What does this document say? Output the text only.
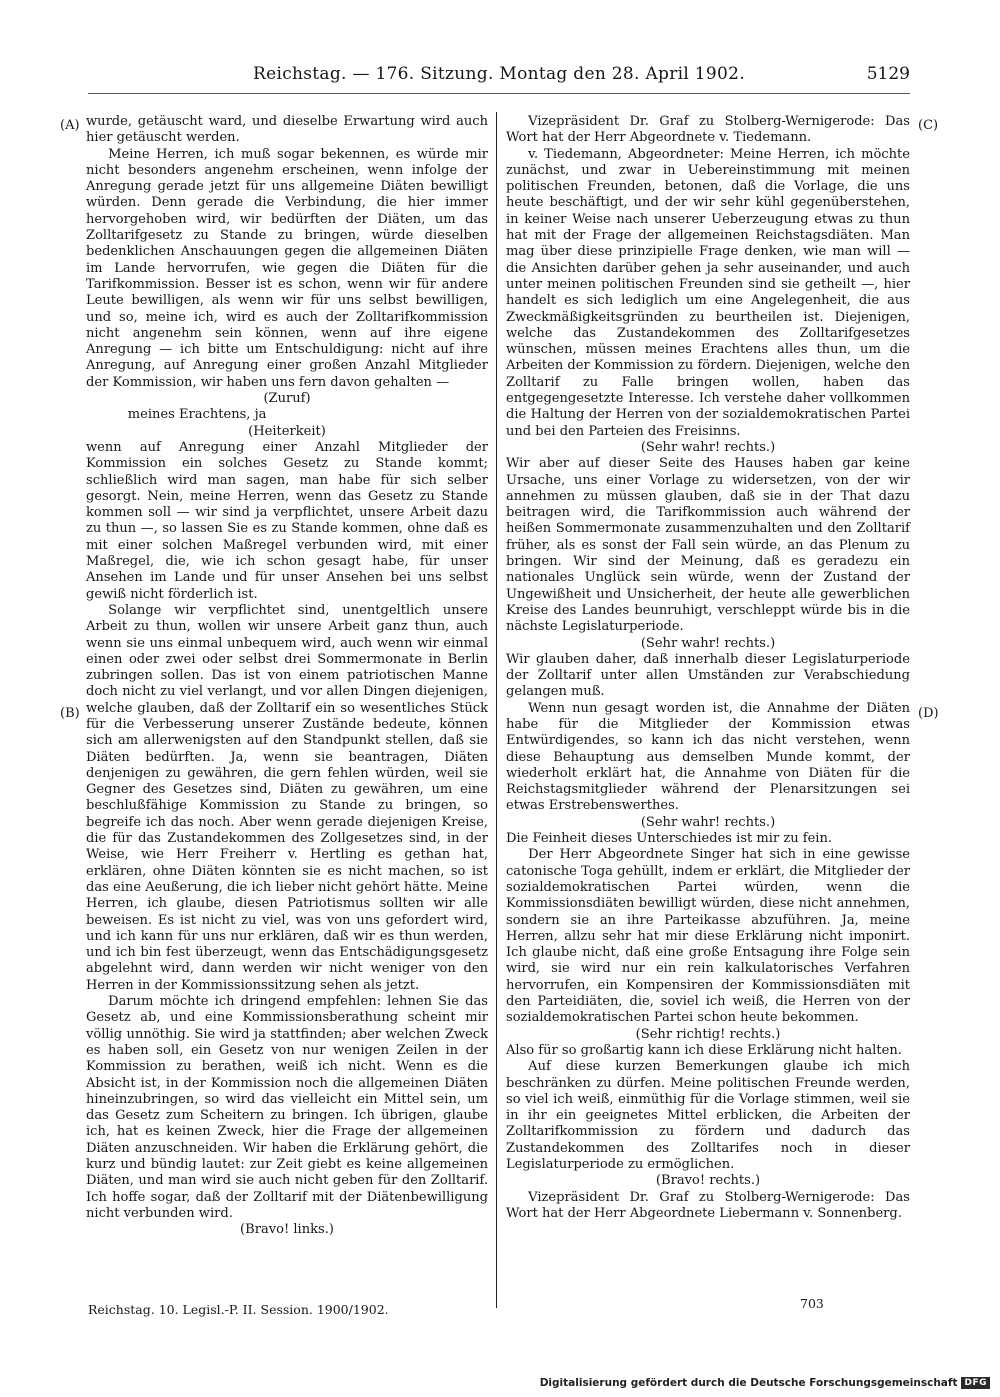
Reichstag. — 176. Sitzung. Montag den 28. April 1902.	5129
(A)
(B)
(C)
(D)

wurde, getäuscht ward, und dieselbe Erwartung wird auch hier getäuscht werden.

Meine Herren, ich muß sogar bekennen, es würde mir nicht besonders angenehm erscheinen, wenn infolge der Anregung gerade jetzt für uns allgemeine Diäten bewilligt würden. Denn gerade die Verbindung, die hier immer hervorgehoben wird, wir bedürften der Diäten, um das Zolltarifgesetz zu Stande zu bringen, würde dieselben bedenklichen Anschauungen gegen die allgemeinen Diäten im Lande hervorrufen, wie gegen die Diäten für die Tarifkommission. Besser ist es schon, wenn wir für andere Leute bewilligen, als wenn wir für uns selbst bewilligen, und so, meine ich, wird es auch der Zolltarifkommission nicht angenehm sein können, wenn auf ihre eigene Anregung — ich bitte um Entschuldigung: nicht auf ihre Anregung, auf Anregung einer großen Anzahl Mitglieder der Kommission, wir haben uns fern davon gehalten —

(Zuruf)

meines Erachtens, ja

(Heiterkeit)

wenn auf Anregung einer Anzahl Mitglieder der Kommission ein solches Gesetz zu Stande kommt; schließlich wird man sagen, man habe für sich selber gesorgt. Nein, meine Herren, wenn das Gesetz zu Stande kommen soll — wir sind ja verpflichtet, unsere Arbeit dazu zu thun —, so lassen Sie es zu Stande kommen, ohne daß es mit einer solchen Maßregel verbunden wird, mit einer Maßregel, die, wie ich schon gesagt habe, für unser Ansehen im Lande und für unser Ansehen bei uns selbst gewiß nicht förderlich ist.

Solange wir verpflichtet sind, unentgeltlich unsere Arbeit zu thun, wollen wir unsere Arbeit ganz thun, auch wenn sie uns einmal unbequem wird, auch wenn wir einmal einen oder zwei oder selbst drei Sommermonate in Berlin zubringen sollen. Das ist von einem patriotischen Manne doch nicht zu viel verlangt, und vor allen Dingen diejenigen, welche glauben, daß der Zolltarif ein so wesentliches Stück für die Verbesserung unserer Zustände bedeute, können sich am allerwenigsten auf den Standpunkt stellen, daß sie Diäten bedürften. Ja, wenn sie beantragen, Diäten denjenigen zu gewähren, die gern fehlen würden, weil sie Gegner des Gesetzes sind, Diäten zu gewähren, um eine beschlußfähige Kommission zu Stande zu bringen, so begreife ich das noch. Aber wenn gerade diejenigen Kreise, die für das Zustandekommen des Zollgesetzes sind, in der Weise, wie Herr Freiherr v. Hertling es gethan hat, erklären, ohne Diäten könnten sie es nicht machen, so ist das eine Aeußerung, die ich lieber nicht gehört hätte. Meine Herren, ich glaube, diesen Patriotismus sollten wir alle beweisen. Es ist nicht zu viel, was von uns gefordert wird, und ich kann für uns nur erklären, daß wir es thun werden, und ich bin fest überzeugt, wenn das Entschädigungsgesetz abgelehnt wird, dann werden wir nicht weniger von den Herren in der Kommissionssitzung sehen als jetzt.

Darum möchte ich dringend empfehlen: lehnen Sie das Gesetz ab, und eine Kommissionsberathung scheint mir völlig unnöthig. Sie wird ja stattfinden; aber welchen Zweck es haben soll, ein Gesetz von nur wenigen Zeilen in der Kommission zu berathen, weiß ich nicht. Wenn es die Absicht ist, in der Kommission noch die allgemeinen Diäten hineinzubringen, so wird das vielleicht ein Mittel sein, um das Gesetz zum Scheitern zu bringen. Ich übrigen, glaube ich, hat es keinen Zweck, hier die Frage der allgemeinen Diäten anzuschneiden. Wir haben die Erklärung gehört, die kurz und bündig lautet: zur Zeit giebt es keine allgemeinen Diäten, und man wird sie auch nicht geben für den Zolltarif. Ich hoffe sogar, daß der Zolltarif mit der Diätenbewilligung nicht verbunden wird.

(Bravo! links.)

Vizepräsident Dr. Graf zu Stolberg-Wernigerode: Das Wort hat der Herr Abgeordnete v. Tiedemann.

v. Tiedemann, Abgeordneter: Meine Herren, ich möchte zunächst, und zwar in Uebereinstimmung mit meinen politischen Freunden, betonen, daß die Vorlage, die uns heute beschäftigt, und der wir sehr kühl gegenüberstehen, in keiner Weise nach unserer Ueberzeugung etwas zu thun hat mit der Frage der allgemeinen Reichstagsdiäten. Man mag über diese prinzipielle Frage denken, wie man will — die Ansichten darüber gehen ja sehr auseinander, und auch unter meinen politischen Freunden sind sie getheilt —, hier handelt es sich lediglich um eine Angelegenheit, die aus Zweckmäßigkeitsgründen zu beurtheilen ist. Diejenigen, welche das Zustandekommen des Zolltarifgesetzes wünschen, müssen meines Erachtens alles thun, um die Arbeiten der Kommission zu fördern. Diejenigen, welche den Zolltarif zu Falle bringen wollen, haben das entgegengesetzte Interesse. Ich verstehe daher vollkommen die Haltung der Herren von der sozialdemokratischen Partei und bei den Parteien des Freisinns.

(Sehr wahr! rechts.)

Wir aber auf dieser Seite des Hauses haben gar keine Ursache, uns einer Vorlage zu widersetzen, von der wir annehmen zu müssen glauben, daß sie in der That dazu beitragen wird, die Tarifkommission auch während der heißen Sommermonate zusammenzuhalten und den Zolltarif früher, als es sonst der Fall sein würde, an das Plenum zu bringen. Wir sind der Meinung, daß es geradezu ein nationales Unglück sein würde, wenn der Zustand der Ungewißheit und Unsicherheit, der heute alle gewerblichen Kreise des Landes beunruhigt, verschleppt würde bis in die nächste Legislaturperiode.

(Sehr wahr! rechts.)

Wir glauben daher, daß innerhalb dieser Legislaturperiode der Zolltarif unter allen Umständen zur Verabschiedung gelangen muß.

Wenn nun gesagt worden ist, die Annahme der Diäten habe für die Mitglieder der Kommission etwas Entwürdigendes, so kann ich das nicht verstehen, wenn diese Behauptung aus demselben Munde kommt, der wiederholt erklärt hat, die Annahme von Diäten für die Reichstagsmitglieder während der Plenarsitzungen sei etwas Erstrebenswerthes.

(Sehr wahr! rechts.)

Die Feinheit dieses Unterschiedes ist mir zu fein.

Der Herr Abgeordnete Singer hat sich in eine gewisse catonische Toga gehüllt, indem er erklärt, die Mitglieder der sozialdemokratischen Partei würden, wenn die Kommissionsdiäten bewilligt würden, diese nicht annehmen, sondern sie an ihre Parteikasse abzuführen. Ja, meine Herren, allzu sehr hat mir diese Erklärung nicht imponirt. Ich glaube nicht, daß eine große Entsagung ihre Folge sein wird, sie wird nur ein rein kalkulatorisches Verfahren hervorrufen, ein Kompensiren der Kommissionsdiäten mit den Parteidiäten, die, soviel ich weiß, die Herren von der sozialdemokratischen Partei schon heute bekommen.

(Sehr richtig! rechts.)

Also für so großartig kann ich diese Erklärung nicht halten.

Auf diese kurzen Bemerkungen glaube ich mich beschränken zu dürfen. Meine politischen Freunde werden, so viel ich weiß, einmüthig für die Vorlage stimmen, weil sie in ihr ein geeignetes Mittel erblicken, die Arbeiten der Zolltarifkommission zu fördern und dadurch das Zustandekommen des Zolltarifes noch in dieser Legislaturperiode zu ermöglichen.

(Bravo! rechts.)

Vizepräsident Dr. Graf zu Stolberg-Wernigerode: Das Wort hat der Herr Abgeordnete Liebermann v. Sonnenberg.

Reichstag. 10. Legisl.-P. II. Session. 1900/1902.	703
Digitalisierung gefördert durch die Deutsche Forschungsgemeinschaft DFG
